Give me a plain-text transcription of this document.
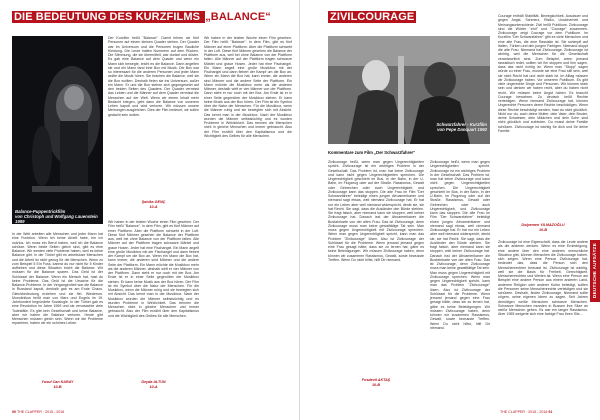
DIE BEDEUTUNG DES KURZFILMS „BALANCE“
Balance-Puppentrickfilm
von Christoph und Wolfgang Lauenstein 1989

In der Welt arbeiten alle Menschen und jeder Mann hat eine Funktion. Wenn ich keine Arbeit habe, bin ich nutzlos. Ich muss ein Beruf haben, weil ich die Balance schütze. Wenn beide Seiten gleich sind, gibt es eine Balance. Wir werden viele Probleme haben, weil es keine Balance gibt. In der Türkei gibt es arbeitslose Menschen und die Arbeit ist nicht genug für die Menschen. Wenn zu zum Beispiel 5 Ein Fuss, kannst du nur nicht für 5 Kinder aufheben und diese Situation bricht die Balance. Wir müssen für die Balance sparen. Das Geld ist der Schlüssel der Balance. Wenn ein Mensch hat, hast du keine Probleme. Das Geld ist die Ursache für die Balance-Probleme. In der Vergangenheit war die Balance in Russland kaputt, deshalb gab es am Ende Chaos. Gleichbedeutung erziehen und sie fiel. Wiederum. Monolinikus heißt man von Marx und Engels im 19. Jahrhundert begründete Sozialogie. In der Türkei gab es eine Revolution im Jahre 1969 und sie verursachte viele Todesfälle. Es gibt kein Gesellschaft und keine Balance, aber wir haben die Balance verloren. Heute gibt Menschen müssen gleich sein. Wenn wir die Probleme reparieren, haben wir ein schönes Leben.

Yusuf Can KARAY
10-B

Der Kurzfilm heißt "Balance". Damit lehren wir fünf Personen auf einem kleinen Quader stehen. Der Quader war im Universum und die Personen trugen Bauliche Kleidung. Die Leute hatten Nummern auf dem Rücken. Die Stimmung, die sie übermittelt, war dunkel und düster. Es gab eine Balance auf dem Quader und wenn ein Mann sich bewegte, bricht es die Balance. Dann angelten sie und ein Mann fand eine Box mit Musik. Die Box war so interessant für die anderen Personen und jeder Mann wollte die Musik hören. Sie brachen die Balance, weil sie die Box wollten. Deshalb fielen sie ins Universum, außer ein Mann. Er und die Box stehen sich gegengesetzt auf den beiden Seiten des Quaders. Der Quader vermisst das Leiden und die Männer auf dem Quader vermisst die Menschen auf der Welt. Wenn wir einem Inhalt mehr Bedacht kriegen, geht dann die Balance von unserem Leben kaputt und wird verloren. Wir müssen unsere Meinungen ausgleichen. Dies der Film bedeuet, wir sollen gedacht sein wollen.

Şahika GENÇ
10-A

Wir haben in der letzten Woche einen Film gesehen. Der Film heißt "Balance". In dem Film, gibt es fünf Männer auf einer Plattform. Aber die Plattform schwebt in der Luft. Diese fünf Männer gesehen die Balance der Plattform aus, weil bei ohne Balance von der Plattform fallen. Alle Männer auf der Plattform tragen schwarze Mäntel und graue Hosen. Jeder hat eine Fischangel. Ein Mann angelt eine große Musikbox mit der Fischangel und dann fiebert der Kampf um die Box an. Wenn ein Mann die Box hat, kann immer, die anderen sind Männer und die andere Seite der Plattform. Ein Mann möchte die Musikbox mehr als die anderen Männer, deshalb wirft er vier Männer von der Plattform. Dann steht er nur noch mit der Box. Am Ende ist er in einer Seite gegenüber der Musikbox stehen. Er kann keine Musik aus der Box hören. Der Film ist ein Symbol über die Natur der Menschen. Für die Musikbox, wenn die Männer ruhig und sie bewegten sich mit Absicht. Das kennt man in der Musikbox. Nach der Musikbox wurden die Männer selbstsüchtig und es wurden Probleme in Wirklichkeit. Das trennen die Menschen nicht in gleiche Menschen und immer gebraucht. Also der Film erzählt über den Kapitalismus und die Wichtigkeit des Gelbes für alle Menschen.

Deyda ALTUN
10-A

Wir haben in der letzten Woche einen Film gesehen. Der Film heißt "Balance". In dem Film, gibt es fünf Männer auf einer Plattform. Aber die Plattform schwebt in der Luft. Diese fünf Männer gesehen die Balance der Plattform aus, weil bei ohne Balance von der Plattform fallen. Alle Männer auf der Plattform tragen schwarze Mäntel und graue Hosen. Jeder hat eine Fischangel. Ein Mann angelt eine große Musikbox mit der Fischangel und dann fiebert der Kampf um die Box an. Wenn ein Mann die Box hat, kann immer, die anderen sind Männer und die andere Seite der Plattform. Ein Mann möchte die Musikbox mehr als die anderen Männer, deshalb wirft er vier Männer von der Plattform. Dann steht er nur noch mit der Box. Am Ende ist er in einer Seite gegenüber der Musikbox stehen. Er kann keine Musik aus der Box hören. Der Film ist ein Symbol über die Natur der Menschen. Für die Musikbox, wenn die Männer ruhig und sie bewegten sich mit Absicht. Das kennt man in der Musikbox. Nach der Musikbox wurden die Männer selbstsüchtig und es wurden Probleme in Wirklichkeit. Das trennen die Menschen nicht in gleiche Menschen und immer gebraucht. Also der Film erzählt über den Kapitalismus und die Wichtigkeit des Gelbes für alle Menschen.

90 THE CLAPPER · 2015 - 2016
ZIVILCOURAGE
Schwarzfahrer - Kurzfilm
von Pepe Danquart 1992
Kommentare zum Film „Der Schwarzfahrer“

Zivilcourage heißt, wenn man gegen Ungerechtigkeiten spricht. Zivilcourage ist ein wichtiges Problem in der Gesellschaft. Das Problem ist, man hat keine Zivilcourage und kann nicht gegen Ungerechtigkeiten sprechen. Die Ungerechtigkeit geschieht im Bus, in der Bahn, in der U-Bahn, im Flugzeug oder auf der Straße. Rassismus, Gewalt oder Gebrechen oder auch Ungerechtigkeit, und Zivilcourage kann das stoppen. Die alte Frau im Film "Der Schwarzfahrer" beleidigt einen jungen Afroamerikaner und niemand sagt etwas, weil niemand Zivilcourage hat. Er hat nur ein Leben aber weil niemand widerspricht, denkt sie, sie hat Recht. Sie sagt, dass die Ausländer den Bürde stehlen. Sie fragt falsch, aber niemand kann sie stoppen, weil keiner Zivilcourage hat. Danach isst der Afroamerikaner die Busfahrkarte von der alten Frau. Das ist Zivilcourage, denn Zivilcourage muss man keine gewalttätige Tat sein. Man muss gegen Ungerechtigkeit mit Zivilcourage sprechen. Wenn man gegen Ungerechtigkeit spricht, kann man das Problem "Zivilcourage" lösen. Also ist Zivilcourage der Schlüssel für die Probleme. Wenn jemand jemand gegen eine Frau gesagt hätte, dass sie zu lernen hat, gäbe es keine Beleidigungen. Wir müssen Zivilcourage haben, denn können wir zusammen Rassismus, Gewalt, sowie bewusste Treffen. Wenn Du nicht hilfst, hilft Dir niemand.

Fırsdevil AKTAŞ
10-B

Zivilcourage heißt, wenn man gegen Ungerechtigkeiten spricht. Zivilcourage ist ein wichtiges Problem in der Gesellschaft. Das Problem ist, man hat keine Zivilcourage und kann nicht gegen Ungerechtigkeiten sprechen. Die Ungerechtigkeit geschieht im Bus, in der Bahn, in der U-Bahn, im Flugzeug oder auf der Straße. Rassismus, Gewalt oder Gebrechen oder auch Ungerechtigkeit, und Zivilcourage kann das stoppen. Die alte Frau im Film "Der Schwarzfahrer" beleidigt einen jungen Afroamerikaner und niemand sagt etwas, weil niemand Zivilcourage hat. Er hat nur ein Leben aber weil niemand widerspricht, denkt sie, sie hat Recht. Sie sagt, dass die Ausländer den Bürde stehlen. Sie fragt falsch, aber niemand kann sie stoppen, weil keiner Zivilcourage hat. Danach isst der Afroamerikaner die Busfahrkarte von der alten Frau. Das ist Zivilcourage, denn Zivilcourage muss man keine gewalttätige Tat sein. Man muss gegen Ungerechtigkeit mit Zivilcourage sprechen. Wenn man gegen Ungerechtigkeit spricht, kann man das Problem "Zivilcourage" lösen. Also ist Zivilcourage der Schlüssel für die Probleme. Wenn jemand jemand gegen eine Frau gesagt hätte, dass sie zu lernen hat, gäbe es keine Beleidigungen. Wir müssen Zivilcourage haben, denn können wir zusammen Rassismus, Gewalt, sowie bewusste Treffen. Wenn Du nicht hilfst, hilft Dir niemand.

Courage enthält Stabilität, Bewegsichkeit, Ausdauer und gegen Angst, Schmerz, Risiko, Unsicherheit und Meinungsunterschiede. Zivil heißt Publikum. Zivilcourage sind die Wörter "zivil" und "Courage" zusammen. Zivilcourage zeigt Courage vor dem Publikum. Im Kurzfilm "Der Schwarzfahrer" gibt es viele Menschen und eine alte Frau, die eine Rassistin ist. Sie schimpft auf Italien, Türken und den jungen Farbigen. Niemand stoppt die alte Frau. Niemand hat Zivilcourage. Zivilcourage ist wichtig, weil die Menschen für die Gesellschaft verantwortlich sind. Zum Beispiel, wenn jemand rassistisch redet, sollten wir ihn stoppen und ihm sagen, dass das nicht richtig ist. Wenn man "Stopp" sagen würde zu einer Frau, musste sie eine Frau still sein, weil sie nicht Recht hat und nicht stark ist. Im Alltag müssen wir Zivilcourage haben. Vor unserem Publikum. Es gibt viele ungerechte Dinge und Personen. Wir können stark sein und denken wir haben recht, aber du haben nicht recht. Wir müssen keine Angst haben. Es braucht Courage bewahren. Zu deutsch heißt Rechte verteidigen. Wenn niemand Zivilcourage hat, können Ungerechte Personen deren Rechte beschädigen. Wenn diese Rechte beschädigt werden, hast du nicht glücklich. Nicht nur du, auch deine Mutter, dein Vater, dein Bruder, deine Schwester, dein Mädchen und dein Sohn sind nicht glücklich und zufrieden. Du musst deine Familie schützen. Zivilcourage ist wichtig für dich und für deine Familie.

Dolpemen YILMAZOĞLU
10-B

Zivilcourage ist eine Eigenschaft, dass die Leute andere als die anderen denken. Wenn es eine Erniedrigung, eine andere über den eine anderen menschliche Situation gibt, können Menschen die Zivilcourage haben, sich zeigen. Wenn eine Person Zivilcourage hat, bedeutet das, dass die Person sich den Menschenrechten bewusst ist. Zivilcourage ist wichtig, weil sie die Basis für Freiheit, Gerechtigkeit, Menschenrechten und Werten ist. Wenn eine Person am Beispiel eine andere Person aus einem anderen Land, anderem Religion oder anderer Kultur beleidigt, sollten die Personen seine Menschenrechte verteidigen und sie schützen. Deshalb, finden Zivilcourage, Niemand sollte zögern, seine eigenen Ideen zu sagen. Seit Jahren demütigen weiße Menschen schwarze Menschen. Schwarze Menschen mussten in Bussen ihre Sitze an weiße Menschen geben. Es war ein langer Rassismus. Aber 1955 weigerte sich eine farbige Frau ihren Sitz...

THE CLAPPER · 2015 - 2016 91
DEUTSCHE AUFSÄTZE
